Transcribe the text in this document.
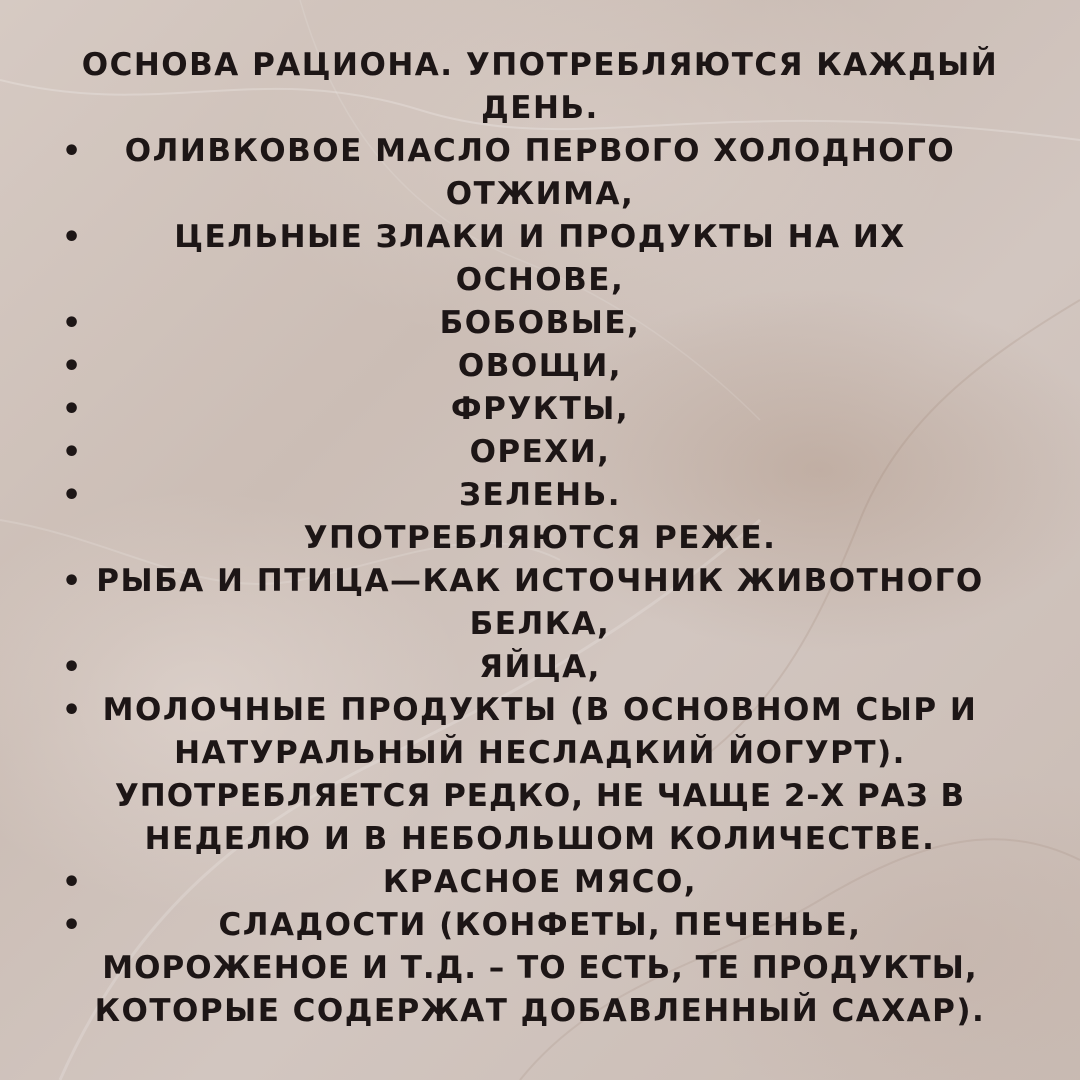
ОСНОВА РАЦИОНА. УПОТРЕБЛЯЮТСЯ КАЖДЫЙ
ДЕНЬ.
• ОЛИВКОВОЕ МАСЛО ПЕРВОГО ХОЛОДНОГО
ОТЖИМА,
•	ЦЕЛЬНЫЕ ЗЛАКИ И ПРОДУКТЫ НА ИХ
ОСНОВЕ,
•	БОБОВЫЕ,
•	ОВОЩИ,
•	ФРУКТЫ,
•	ОРЕХИ,
•	ЗЕЛЕНЬ.
УПОТРЕБЛЯЮТСЯ РЕЖЕ.
• РЫБА И ПТИЦА—КАК ИСТОЧНИК ЖИВОТНОГО
БЕЛКА,
•	ЯЙЦА,
• МОЛОЧНЫЕ ПРОДУКТЫ (В ОСНОВНОМ СЫР И
НАТУРАЛЬНЫЙ НЕСЛАДКИЙ ЙОГУРТ).
УПОТРЕБЛЯЕТСЯ РЕДКО, НЕ ЧАЩЕ 2-Х РАЗ В
НЕДЕЛЮ И В НЕБОЛЬШОМ КОЛИЧЕСТВЕ.
•	КРАСНОЕ МЯСО,
•	СЛАДОСТИ (КОНФЕТЫ, ПЕЧЕНЬЕ,
МОРОЖЕНОЕ И Т.Д. – ТО ЕСТЬ, ТЕ ПРОДУКТЫ,
КОТОРЫЕ СОДЕРЖАТ ДОБАВЛЕННЫЙ САХАР).
